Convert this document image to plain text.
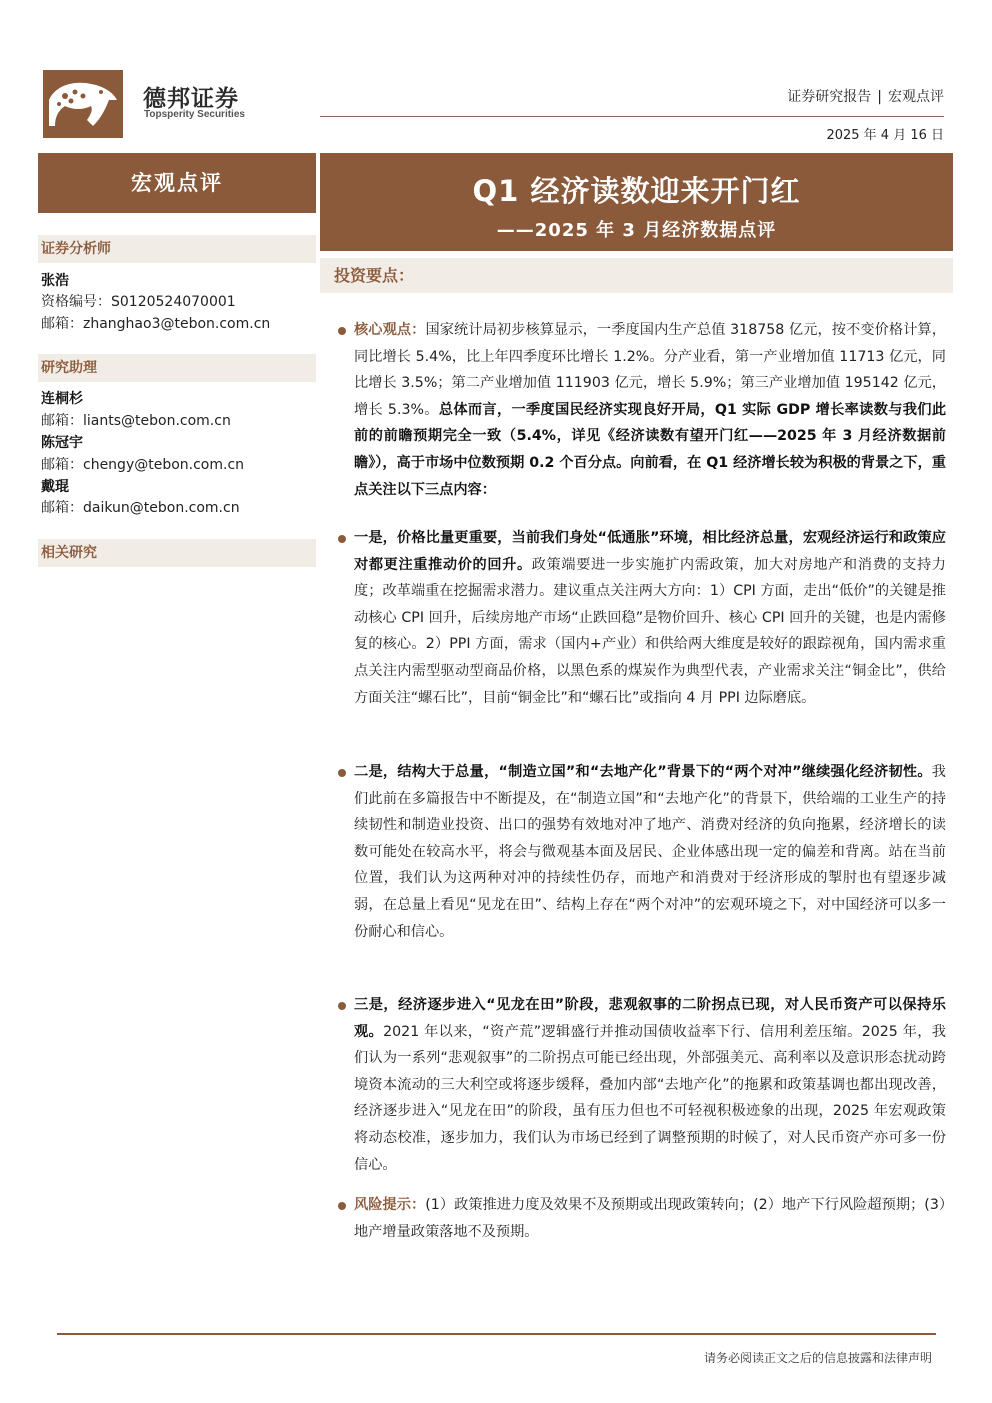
德邦证券
Topsperity Securities
证券研究报告 | 宏观点评
2025 年 4 月 16 日
宏观点评	Q1 经济读数迎来开门红
——2025 年 3 月经济数据点评
证券分析师
张浩
资格编号：S0120524070001
邮箱：zhanghao3@tebon.com.cn
研究助理
连桐杉
邮箱：liants@tebon.com.cn
陈冠宇
邮箱：chengy@tebon.com.cn
戴琨
邮箱：daikun@tebon.com.cn
相关研究
投资要点：
核心观点：国家统计局初步核算显示，一季度国内生产总值 318758 亿元，按不变价格计算，同比增长 5.4%，比上年四季度环比增长 1.2%。分产业看，第一产业增加值 11713 亿元，同比增长 3.5%；第二产业增加值 111903 亿元，增长 5.9%；第三产业增加值 195142 亿元，增长 5.3%。总体而言，一季度国民经济实现良好开局，Q1 实际 GDP 增长率读数与我们此前的前瞻预期完全一致（5.4%，详见《经济读数有望开门红——2025 年 3 月经济数据前瞻》），高于市场中位数预期 0.2 个百分点。向前看，在 Q1 经济增长较为积极的背景之下，重点关注以下三点内容：
一是，价格比量更重要，当前我们身处“低通胀”环境，相比经济总量，宏观经济运行和政策应对都更注重推动价的回升。政策端要进一步实施扩内需政策，加大对房地产和消费的支持力度；改革端重在挖掘需求潜力。建议重点关注两大方向：1）CPI 方面，走出“低价”的关键是推动核心 CPI 回升，后续房地产市场“止跌回稳”是物价回升、核心 CPI 回升的关键，也是内需修复的核心。2）PPI 方面，需求（国内+产业）和供给两大维度是较好的跟踪视角，国内需求重点关注内需型驱动型商品价格，以黑色系的煤炭作为典型代表，产业需求关注“铜金比”，供给方面关注“螺石比”，目前“铜金比”和“螺石比”或指向 4 月 PPI 边际磨底。
二是，结构大于总量，“制造立国”和“去地产化”背景下的“两个对冲”继续强化经济韧性。我们此前在多篇报告中不断提及，在“制造立国”和“去地产化”的背景下，供给端的工业生产的持续韧性和制造业投资、出口的强势有效地对冲了地产、消费对经济的负向拖累，经济增长的读数可能处在较高水平，将会与微观基本面及居民、企业体感出现一定的偏差和背离。站在当前位置，我们认为这两种对冲的持续性仍存，而地产和消费对于经济形成的掣肘也有望逐步减弱，在总量上看见“见龙在田”、结构上存在“两个对冲”的宏观环境之下，对中国经济可以多一份耐心和信心。
三是，经济逐步进入“见龙在田”阶段，悲观叙事的二阶拐点已现，对人民币资产可以保持乐观。2021 年以来，“资产荒”逻辑盛行并推动国债收益率下行、信用利差压缩。2025 年，我们认为一系列“悲观叙事”的二阶拐点可能已经出现，外部强美元、高利率以及意识形态扰动跨境资本流动的三大利空或将逐步缓释，叠加内部“去地产化”的拖累和政策基调也都出现改善，经济逐步进入“见龙在田”的阶段，虽有压力但也不可轻视积极迹象的出现，2025 年宏观政策将动态校准，逐步加力，我们认为市场已经到了调整预期的时候了，对人民币资产亦可多一份信心。
风险提示：(1）政策推进力度及效果不及预期或出现政策转向；(2）地产下行风险超预期；(3）地产增量政策落地不及预期。
请务必阅读正文之后的信息披露和法律声明
